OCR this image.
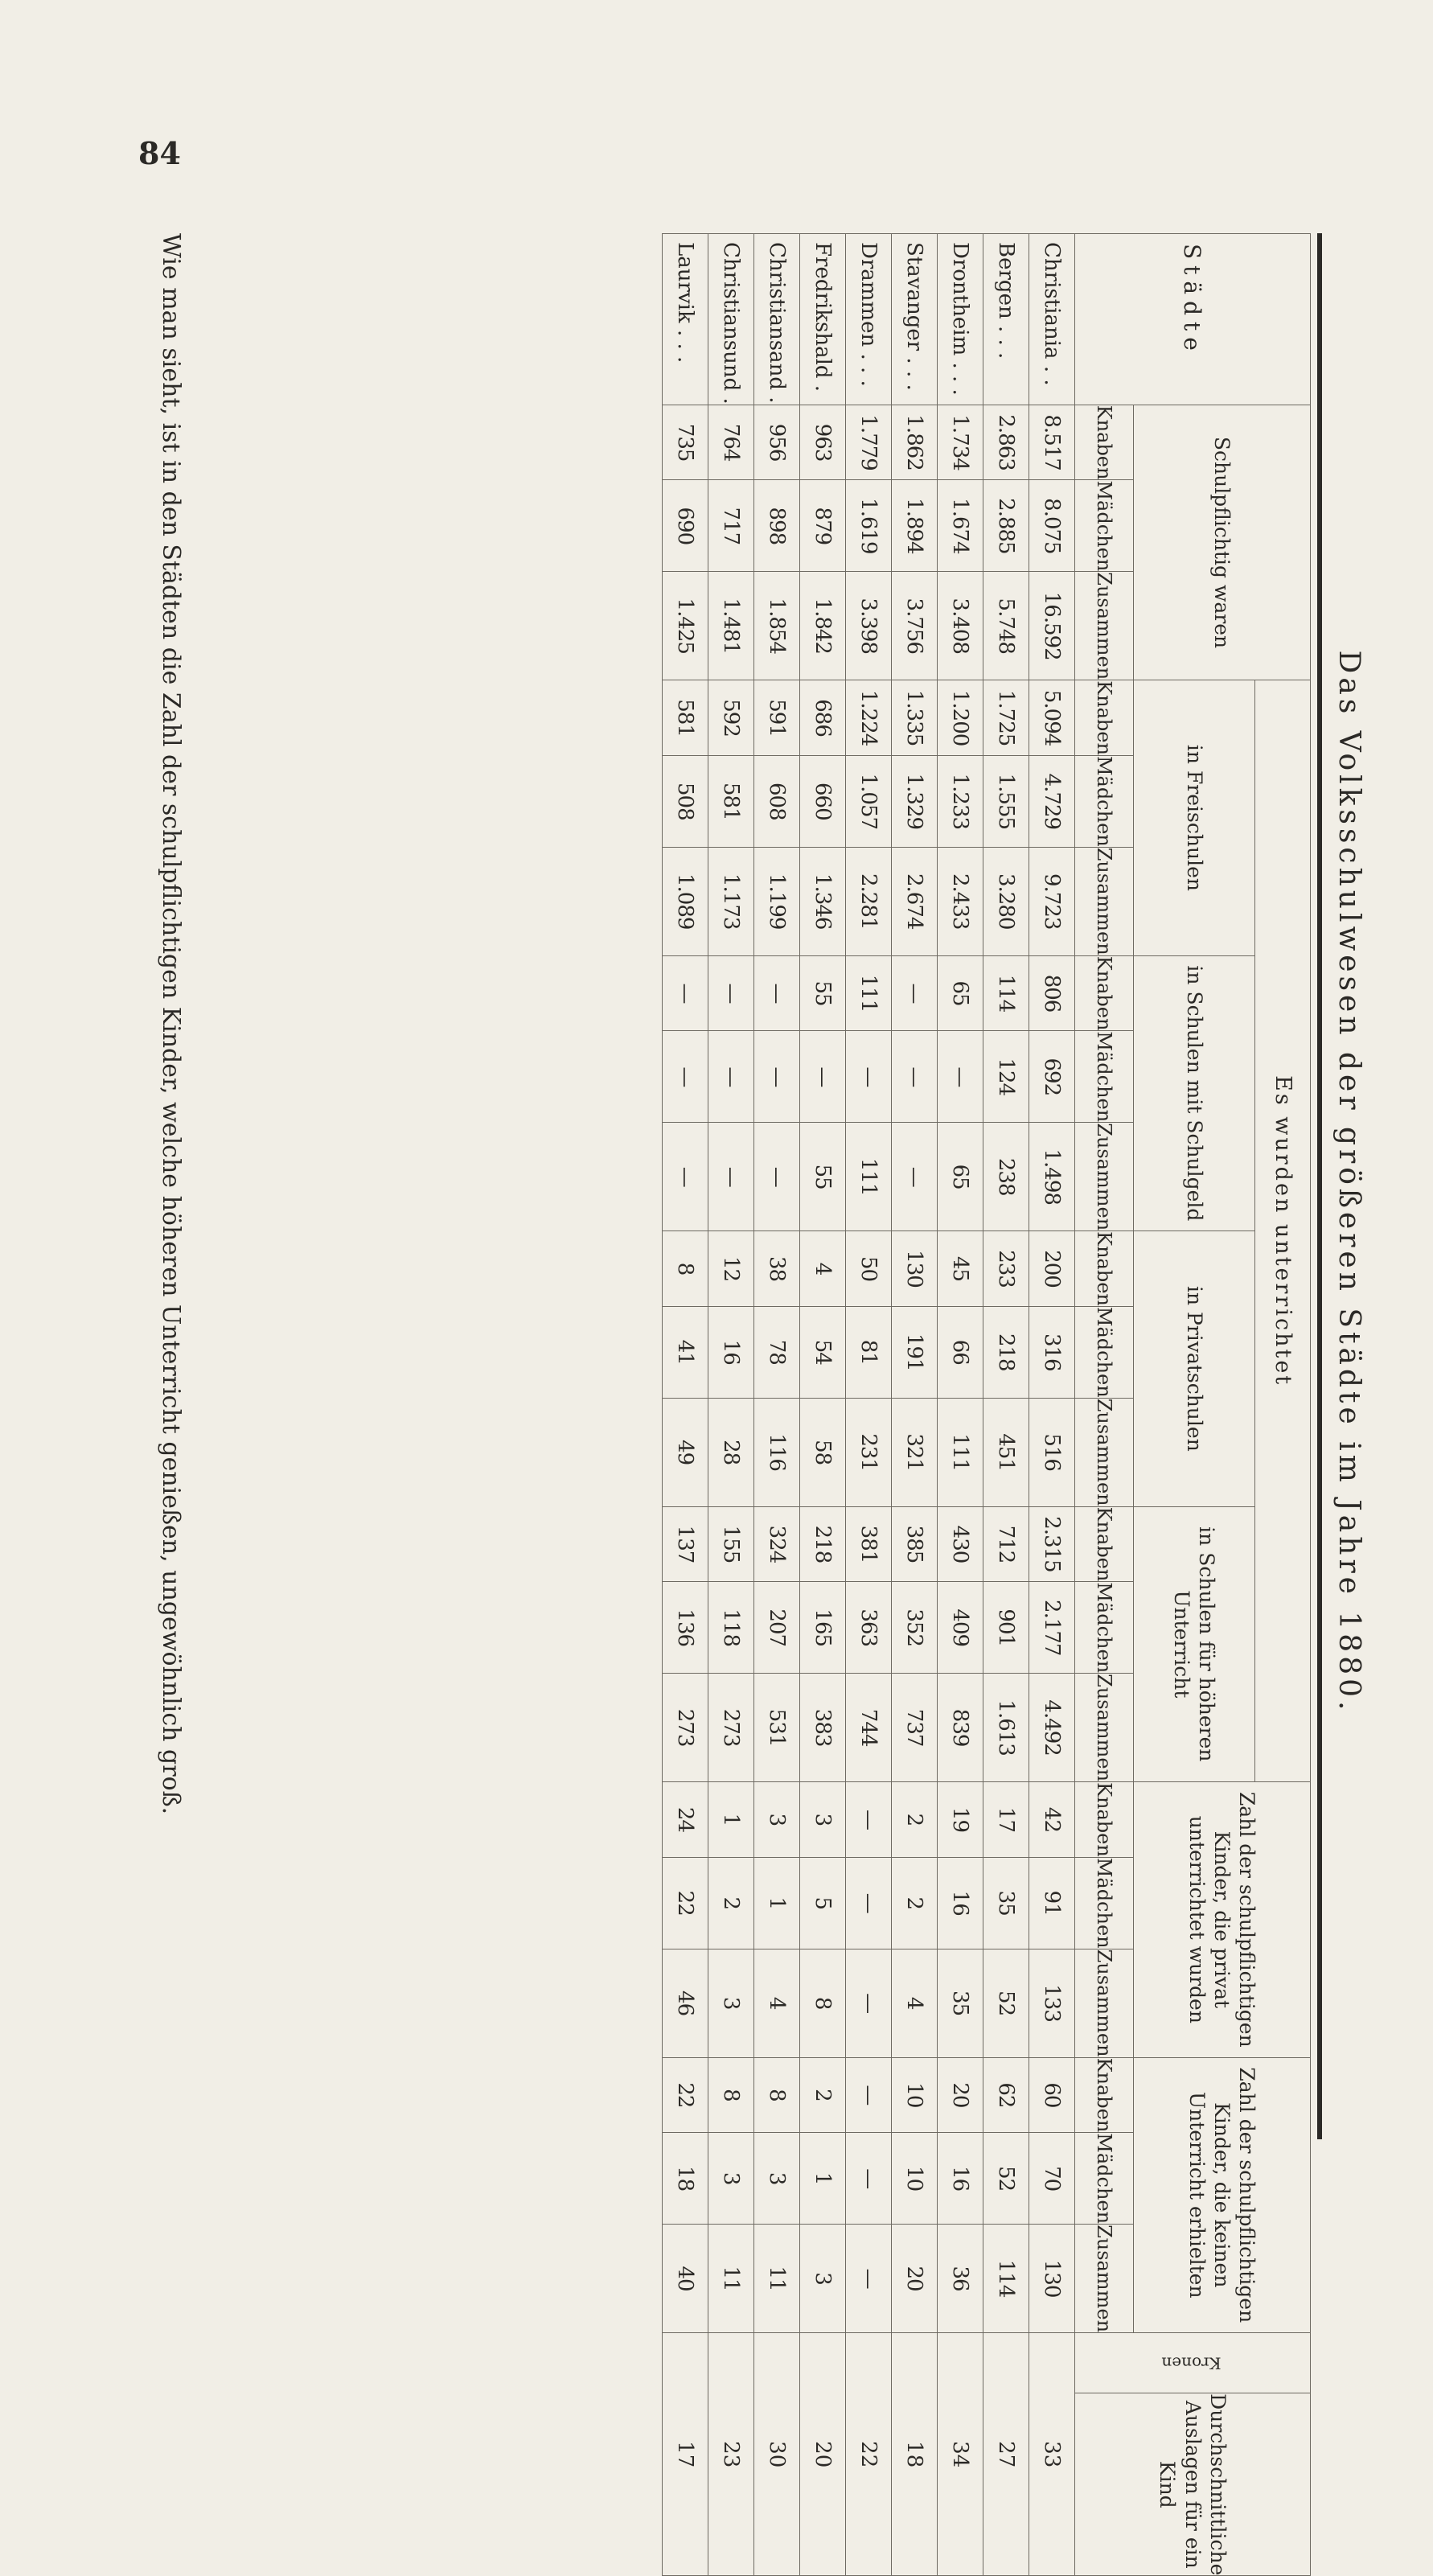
84
Das Volksschulwesen der größeren Städte im Jahre 1880.
Städte	Schulpflichtig waren			Es wurden unterrichtet												Zahl der schulpflichtigen Kinder, die privat unterrichtet wurden			Zahl der schulpflichtigen Kinder, die keinen Unterricht erhielten			Kronen	Durchschnittliche Auslagen für ein Kind
				in Freischulen			in Schulen mit Schulgeld			in Privatschulen			in Schulen für höheren Unterricht										
	Knaben	Mädchen	Zusammen	Knaben	Mädchen	Zusammen	Knaben	Mädchen	Zusammen	Knaben	Mädchen	Zusammen	Knaben	Mädchen	Zusammen	Knaben	Mädchen	Zusammen	Knaben	Mädchen	Zusammen		
Christiania . .	8.517	8.075	16.592	5.094	4.729	9.723	806	692	1.498	200	316	516	2.315	2.177	4.492	42	91	133	60	70	130	33	
Bergen . . .	2.863	2.885	5.748	1.725	1.555	3.280	114	124	238	233	218	451	712	901	1.613	17	35	52	62	52	114	27	
Drontheim . . .	1.734	1.674	3.408	1.200	1.233	2.433	65	—	65	45	66	111	430	409	839	19	16	35	20	16	36	34	
Stavanger . . .	1.862	1.894	3.756	1.335	1.329	2.674	—	—	—	130	191	321	385	352	737	2	2	4	10	10	20	18	
Drammen . . .	1.779	1.619	3.398	1.224	1.057	2.281	111	—	111	50	81	231	381	363	744	—	—	—	—	—	—	22	
Fredrikshald .	963	879	1.842	686	660	1.346	55	—	55	4	54	58	218	165	383	3	5	8	2	1	3	20	
Christiansand .	956	898	1.854	591	608	1.199	—	—	—	38	78	116	324	207	531	3	1	4	8	3	11	30	
Christiansund .	764	717	1.481	592	581	1.173	—	—	—	12	16	28	155	118	273	1	2	3	8	3	11	23	
Laurvik . . .	735	690	1.425	581	508	1.089	—	—	—	8	41	49	137	136	273	24	22	46	22	18	40	17	
Wie man sieht, ist in den Städten die Zahl der schulpflichtigen Kinder, welche höheren Unterricht genießen, ungewöhnlich groß.
